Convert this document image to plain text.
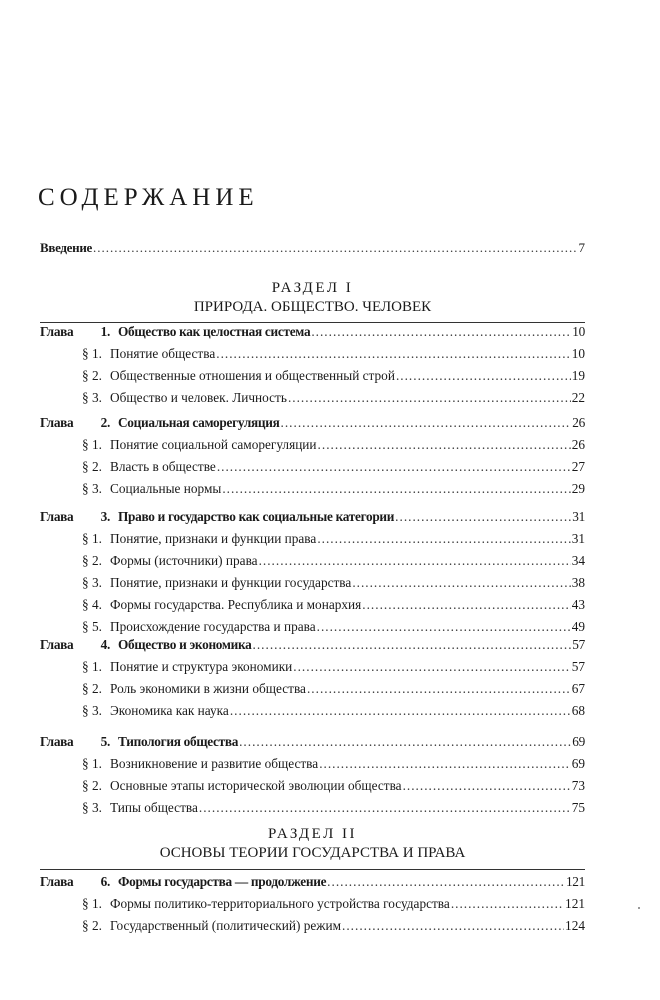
СОДЕРЖАНИЕ
Введение .....	7
РАЗДЕЛ I
ПРИРОДА. ОБЩЕСТВО. ЧЕЛОВЕК
Глава	1. Общество как целостная система .....	10
§ 1. Понятие общества .....	10
§ 2. Общественные отношения и общественный строй .....	19
§ 3. Общество и человек. Личность .....	22
Глава	2. Социальная саморегуляция .....	26
§ 1. Понятие социальной саморегуляции .....	26
§ 2. Власть в обществе .....	27
§ 3. Социальные нормы .....	29
Глава	3. Право и государство как социальные категории .....	31
§ 1. Понятие, признаки и функции права .....	31
§ 2. Формы (источники) права .....	34
§ 3. Понятие, признаки и функции государства .....	38
§ 4. Формы государства. Республика и монархия .....	43
§ 5. Происхождение государства и права .....	49
Глава	4. Общество и экономика .....	57
§ 1. Понятие и структура экономики .....	57
§ 2. Роль экономики в жизни общества .....	67
§ 3. Экономика как наука .....	68
Глава	5. Типология общества .....	69
§ 1. Возникновение и развитие общества .....	69
§ 2. Основные этапы исторической эволюции общества .....	73
§ 3. Типы общества .....	75
РАЗДЕЛ II
ОСНОВЫ ТЕОРИИ ГОСУДАРСТВА И ПРАВА
Глава	6. Формы государства — продолжение .....	121
§ 1. Формы политико-территориального устройства государства .....	121
§ 2. Государственный (политический) режим .....	124
